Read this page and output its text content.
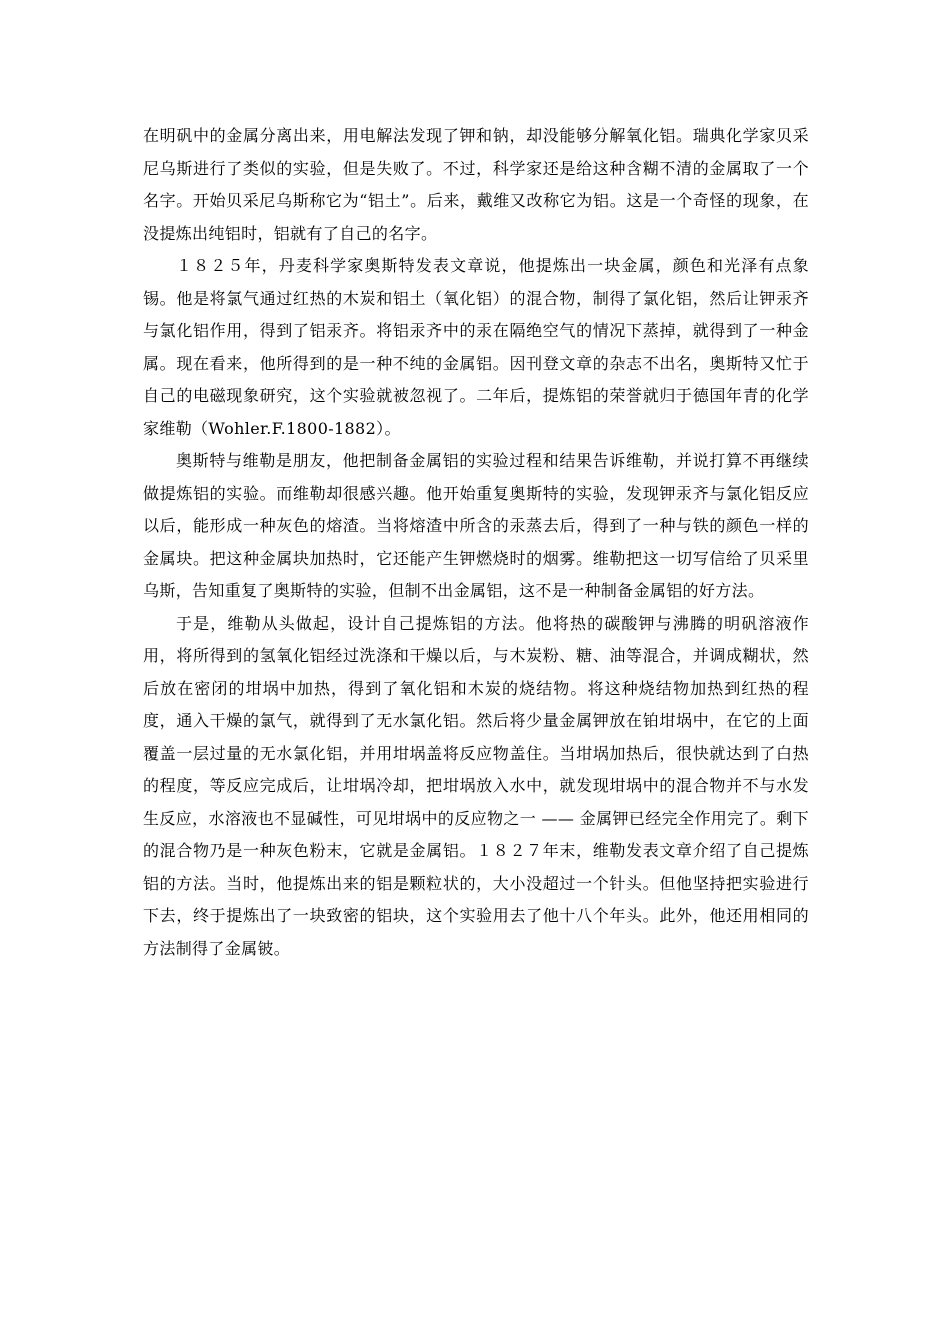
在明矾中的金属分离出来，用电解法发现了钾和钠，却没能够分解氧化铝。瑞典化学家贝采尼乌斯进行了类似的实验，但是失败了。不过，科学家还是给这种含糊不清的金属取了一个名字。开始贝采尼乌斯称它为“铝土”。后来，戴维又改称它为铝。这是一个奇怪的现象，在没提炼出纯铝时，铝就有了自己的名字。

１８２５年，丹麦科学家奥斯特发表文章说，他提炼出一块金属，颜色和光泽有点象锡。他是将氯气通过红热的木炭和铝土（氧化铝）的混合物，制得了氯化铝，然后让钾汞齐与氯化铝作用，得到了铝汞齐。将铝汞齐中的汞在隔绝空气的情况下蒸掉，就得到了一种金属。现在看来，他所得到的是一种不纯的金属铝。因刊登文章的杂志不出名，奥斯特又忙于自己的电磁现象研究，这个实验就被忽视了。二年后，提炼铝的荣誉就归于德国年青的化学家维勒（Wohler.F.1800-1882）。

奥斯特与维勒是朋友，他把制备金属铝的实验过程和结果告诉维勒，并说打算不再继续做提炼铝的实验。而维勒却很感兴趣。他开始重复奥斯特的实验，发现钾汞齐与氯化铝反应以后，能形成一种灰色的熔渣。当将熔渣中所含的汞蒸去后，得到了一种与铁的颜色一样的金属块。把这种金属块加热时，它还能产生钾燃烧时的烟雾。维勒把这一切写信给了贝采里乌斯，告知重复了奥斯特的实验，但制不出金属铝，这不是一种制备金属铝的好方法。

于是，维勒从头做起，设计自己提炼铝的方法。他将热的碳酸钾与沸腾的明矾溶液作用，将所得到的氢氧化铝经过洗涤和干燥以后，与木炭粉、糖、油等混合，并调成糊状，然后放在密闭的坩埚中加热，得到了氧化铝和木炭的烧结物。将这种烧结物加热到红热的程度，通入干燥的氯气，就得到了无水氯化铝。然后将少量金属钾放在铂坩埚中，在它的上面覆盖一层过量的无水氯化铝，并用坩埚盖将反应物盖住。当坩埚加热后，很快就达到了白热的程度，等反应完成后，让坩埚冷却，把坩埚放入水中，就发现坩埚中的混合物并不与水发生反应，水溶液也不显碱性，可见坩埚中的反应物之一 —— 金属钾已经完全作用完了。剩下的混合物乃是一种灰色粉末，它就是金属铝。１８２７年末，维勒发表文章介绍了自己提炼铝的方法。当时，他提炼出来的铝是颗粒状的，大小没超过一个针头。但他坚持把实验进行下去，终于提炼出了一块致密的铝块，这个实验用去了他十八个年头。此外，他还用相同的方法制得了金属铍。
